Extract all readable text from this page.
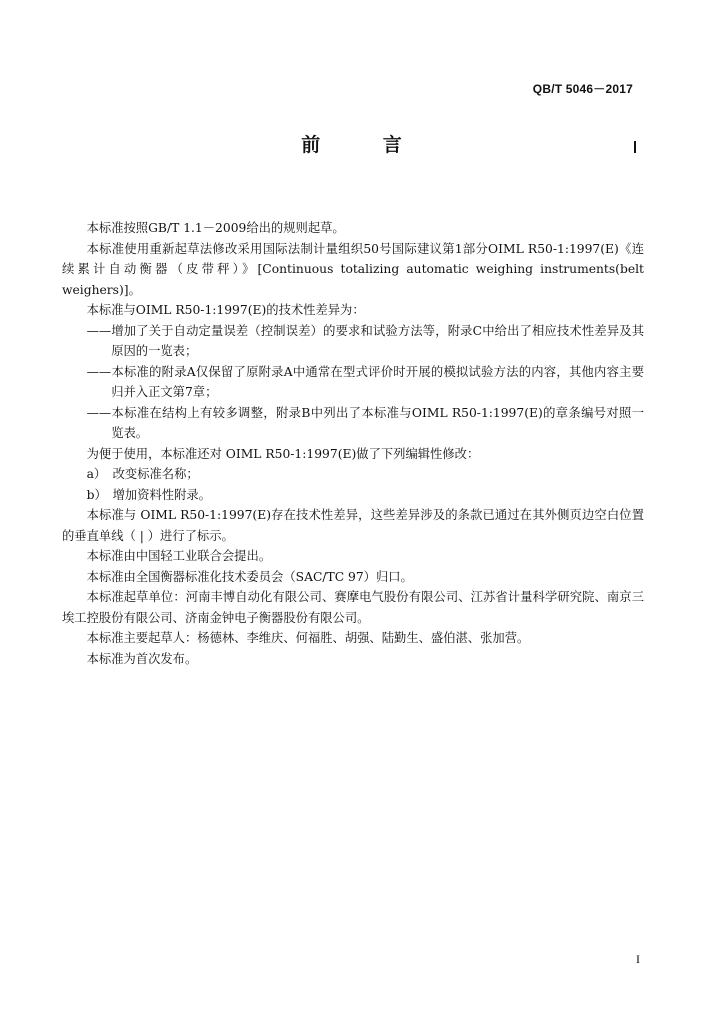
QB/T 5046－2017
前 言

本标准按照GB/T 1.1－2009给出的规则起草。

本标准使用重新起草法修改采用国际法制计量组织50号国际建议第1部分OIML R50-1:1997(E)《连续累计自动衡器（皮带秤）》[Continuous totalizing automatic weighing instruments(belt weighers)]。

本标准与OIML R50-1:1997(E)的技术性差异为：

——增加了关于自动定量误差（控制误差）的要求和试验方法等，附录C中给出了相应技术性差异及其原因的一览表；

——本标准的附录A仅保留了原附录A中通常在型式评价时开展的模拟试验方法的内容，其他内容主要归并入正文第7章；

——本标准在结构上有较多调整，附录B中列出了本标准与OIML R50-1:1997(E)的章条编号对照一览表。

为便于使用，本标准还对 OIML R50-1:1997(E)做了下列编辑性修改：

a） 改变标准名称；
b） 增加资料性附录。

本标准与 OIML R50-1:1997(E)存在技术性差异，这些差异涉及的条款已通过在其外侧页边空白位置的垂直单线（ | ）进行了标示。

本标准由中国轻工业联合会提出。

本标准由全国衡器标准化技术委员会（SAC/TC 97）归口。

本标准起草单位：河南丰博自动化有限公司、赛摩电气股份有限公司、江苏省计量科学研究院、南京三埃工控股份有限公司、济南金钟电子衡器股份有限公司。

本标准主要起草人：杨德林、李维庆、何福胜、胡强、陆勤生、盛伯湛、张加营。

本标准为首次发布。

I
